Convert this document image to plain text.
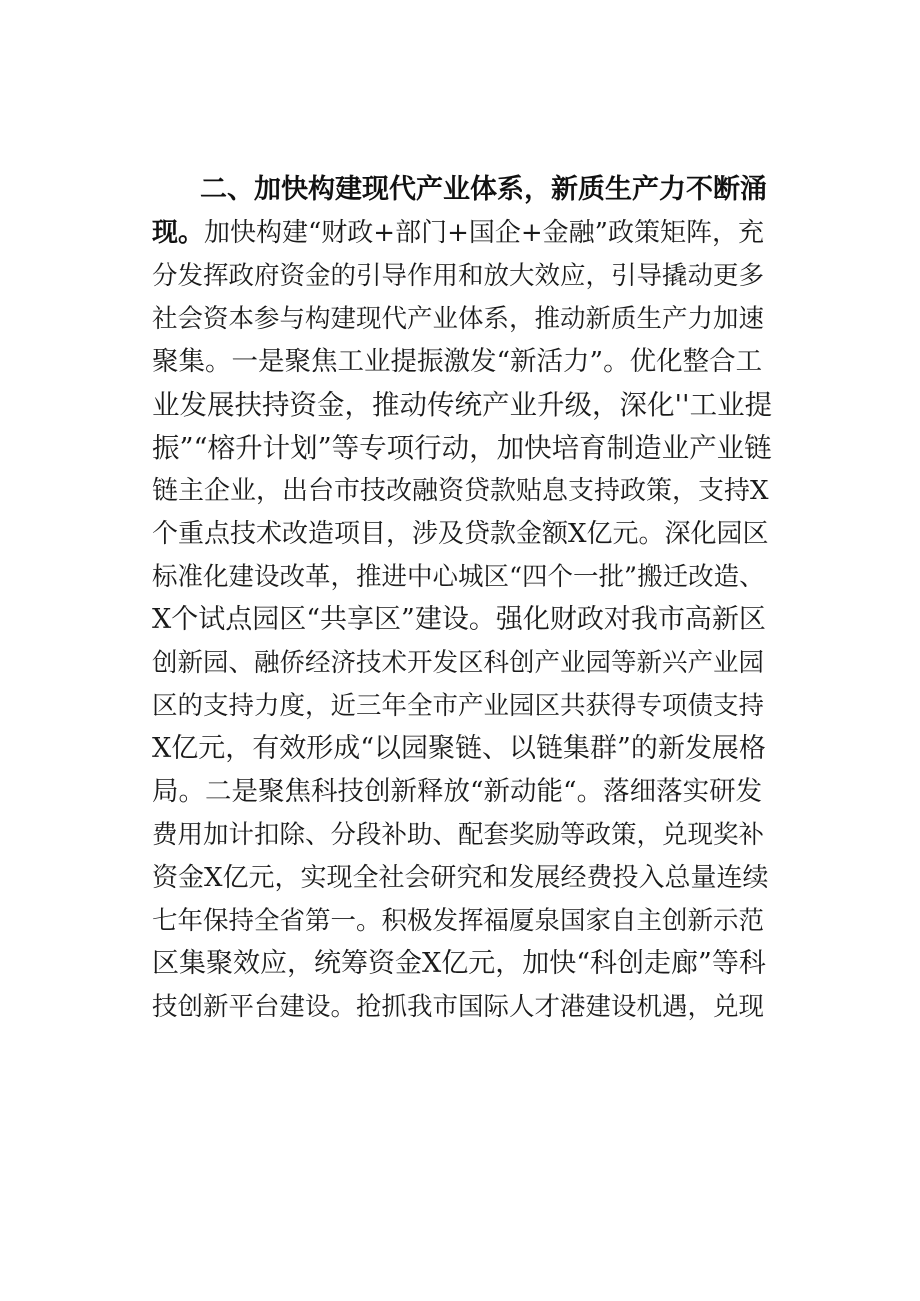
二、加快构建现代产业体系，新质生产力不断涌
现。加快构建“财政+部门+国企+金融”政策矩阵，充
分发挥政府资金的引导作用和放大效应，引导撬动更多
社会资本参与构建现代产业体系，推动新质生产力加速
聚集。一是聚焦工业提振激发“新活力”。优化整合工
业发展扶持资金，推动传统产业升级，深化''工业提
振”“榕升计划”等专项行动，加快培育制造业产业链
链主企业，出台市技改融资贷款贴息支持政策，支持X
个重点技术改造项目，涉及贷款金额X亿元。深化园区
标准化建设改革，推进中心城区“四个一批”搬迁改造、
X个试点园区“共享区”建设。强化财政对我市高新区
创新园、融侨经济技术开发区科创产业园等新兴产业园
区的支持力度，近三年全市产业园区共获得专项债支持
X亿元，有效形成“以园聚链、以链集群”的新发展格
局。二是聚焦科技创新释放“新动能“。落细落实研发
费用加计扣除、分段补助、配套奖励等政策，兑现奖补
资金X亿元，实现全社会研究和发展经费投入总量连续
七年保持全省第一。积极发挥福厦泉国家自主创新示范
区集聚效应，统筹资金X亿元，加快“科创走廊”等科
技创新平台建设。抢抓我市国际人才港建设机遇，兑现
